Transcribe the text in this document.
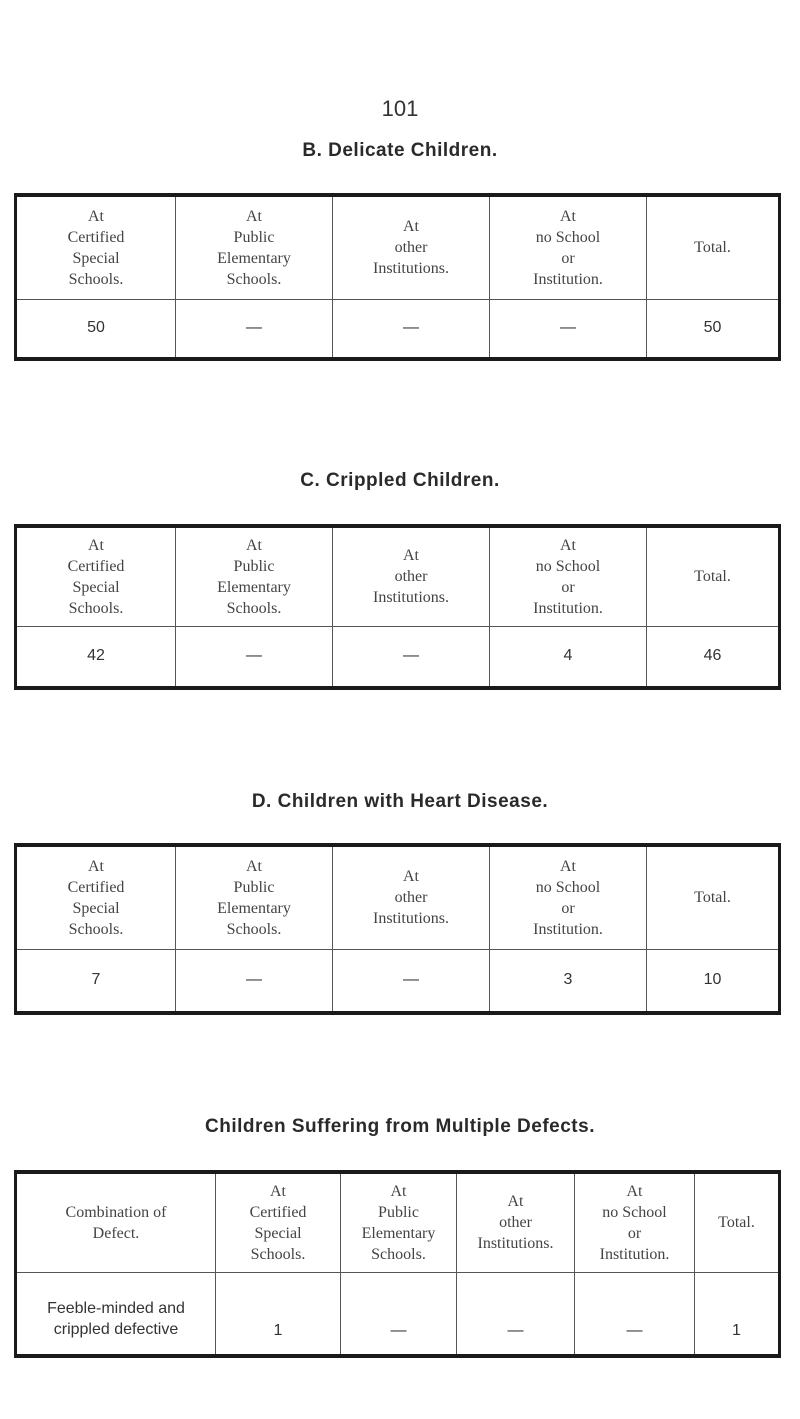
101
B. Delicate Children.
At
Certified
Special
Schools.	At
Public
Elementary
Schools.	At
other
Institutions.	At
no School
or
Institution.	Total.

50	—	—	—	50
C. Crippled Children.
At
Certified
Special
Schools.	At
Public
Elementary
Schools.	At
other
Institutions.	At
no School
or
Institution.	Total.

42	—	—	4	46
D. Children with Heart Disease.
At
Certified
Special
Schools.	At
Public
Elementary
Schools.	At
other
Institutions.	At
no School
or
Institution.	Total.

7	—	—	3	10
Children Suffering from Multiple Defects.
Combination of
Defect.	At
Certified
Special
Schools.	At
Public
Elementary
Schools.	At
other
Institutions.	At
no School
or
Institution.	Total.

Feeble-minded and
crippled defective	1	—	—	—	1
